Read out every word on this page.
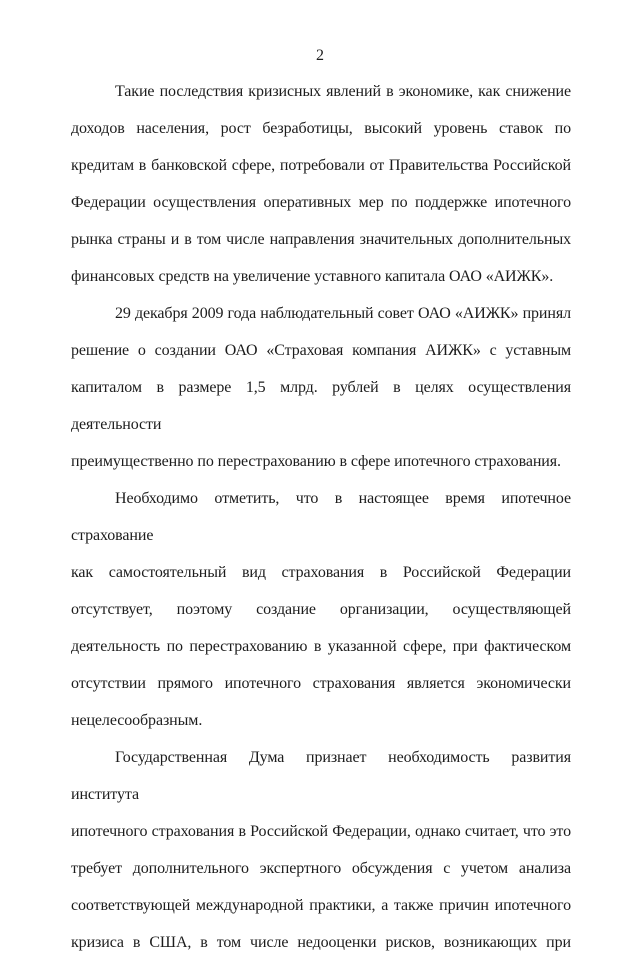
2
Такие последствия кризисных явлений в экономике, как снижение
доходов населения, рост безработицы, высокий уровень ставок по
кредитам в банковской сфере, потребовали от Правительства Российской
Федерации осуществления оперативных мер по поддержке ипотечного
рынка страны и в том числе направления значительных дополнительных
финансовых средств на увеличение уставного капитала ОАО «АИЖК».
29 декабря 2009 года наблюдательный совет ОАО «АИЖК» принял
решение о создании ОАО «Страховая компания АИЖК» с уставным
капиталом в размере 1,5 млрд. рублей в целях осуществления деятельности
преимущественно по перестрахованию в сфере ипотечного страхования.
Необходимо отметить, что в настоящее время ипотечное страхование
как самостоятельный вид страхования в Российской Федерации
отсутствует, поэтому создание организации, осуществляющей
деятельность по перестрахованию в указанной сфере, при фактическом
отсутствии прямого ипотечного страхования является экономически
нецелесообразным.
Государственная Дума признает необходимость развития института
ипотечного страхования в Российской Федерации, однако считает, что это
требует дополнительного экспертного обсуждения с учетом анализа
соответствующей международной практики, а также причин ипотечного
кризиса в США, в том числе недооценки рисков, возникающих при
